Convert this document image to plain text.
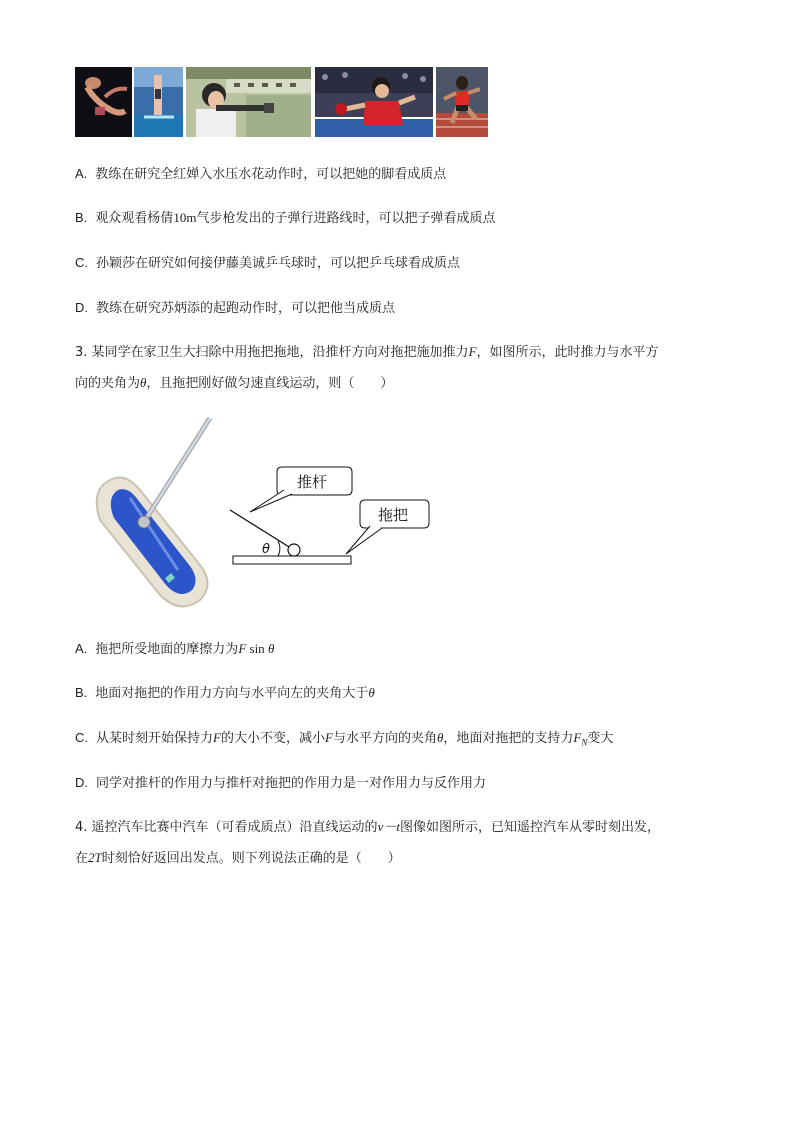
A. 教练在研究全红婵入水压水花动作时，可以把她的脚看成质点
B. 观众观看杨倩10m气步枪发出的子弹行进路线时，可以把子弹看成质点
C. 孙颖莎在研究如何接伊藤美诚乒乓球时，可以把乒乓球看成质点
D. 教练在研究苏炳添的起跑动作时，可以把他当成质点
3. 某同学在家卫生大扫除中用拖把拖地，沿推杆方向对拖把施加推力F，如图所示，此时推力与水平方
向的夹角为θ，且拖把刚好做匀速直线运动，则（　　）
θ
推杆
拖把
A. 拖把所受地面的摩擦力为F sin θ
B. 地面对拖把的作用力方向与水平向左的夹角大于θ
C. 从某时刻开始保持力F的大小不变，减小F与水平方向的夹角θ，地面对拖把的支持力$F_N$变大
D. 同学对推杆的作用力与推杆对拖把的作用力是一对作用力与反作用力
4. 遥控汽车比赛中汽车（可看成质点）沿直线运动的v－t图像如图所示，已知遥控汽车从零时刻出发，
在2T时刻恰好返回出发点。则下列说法正确的是（　　）
